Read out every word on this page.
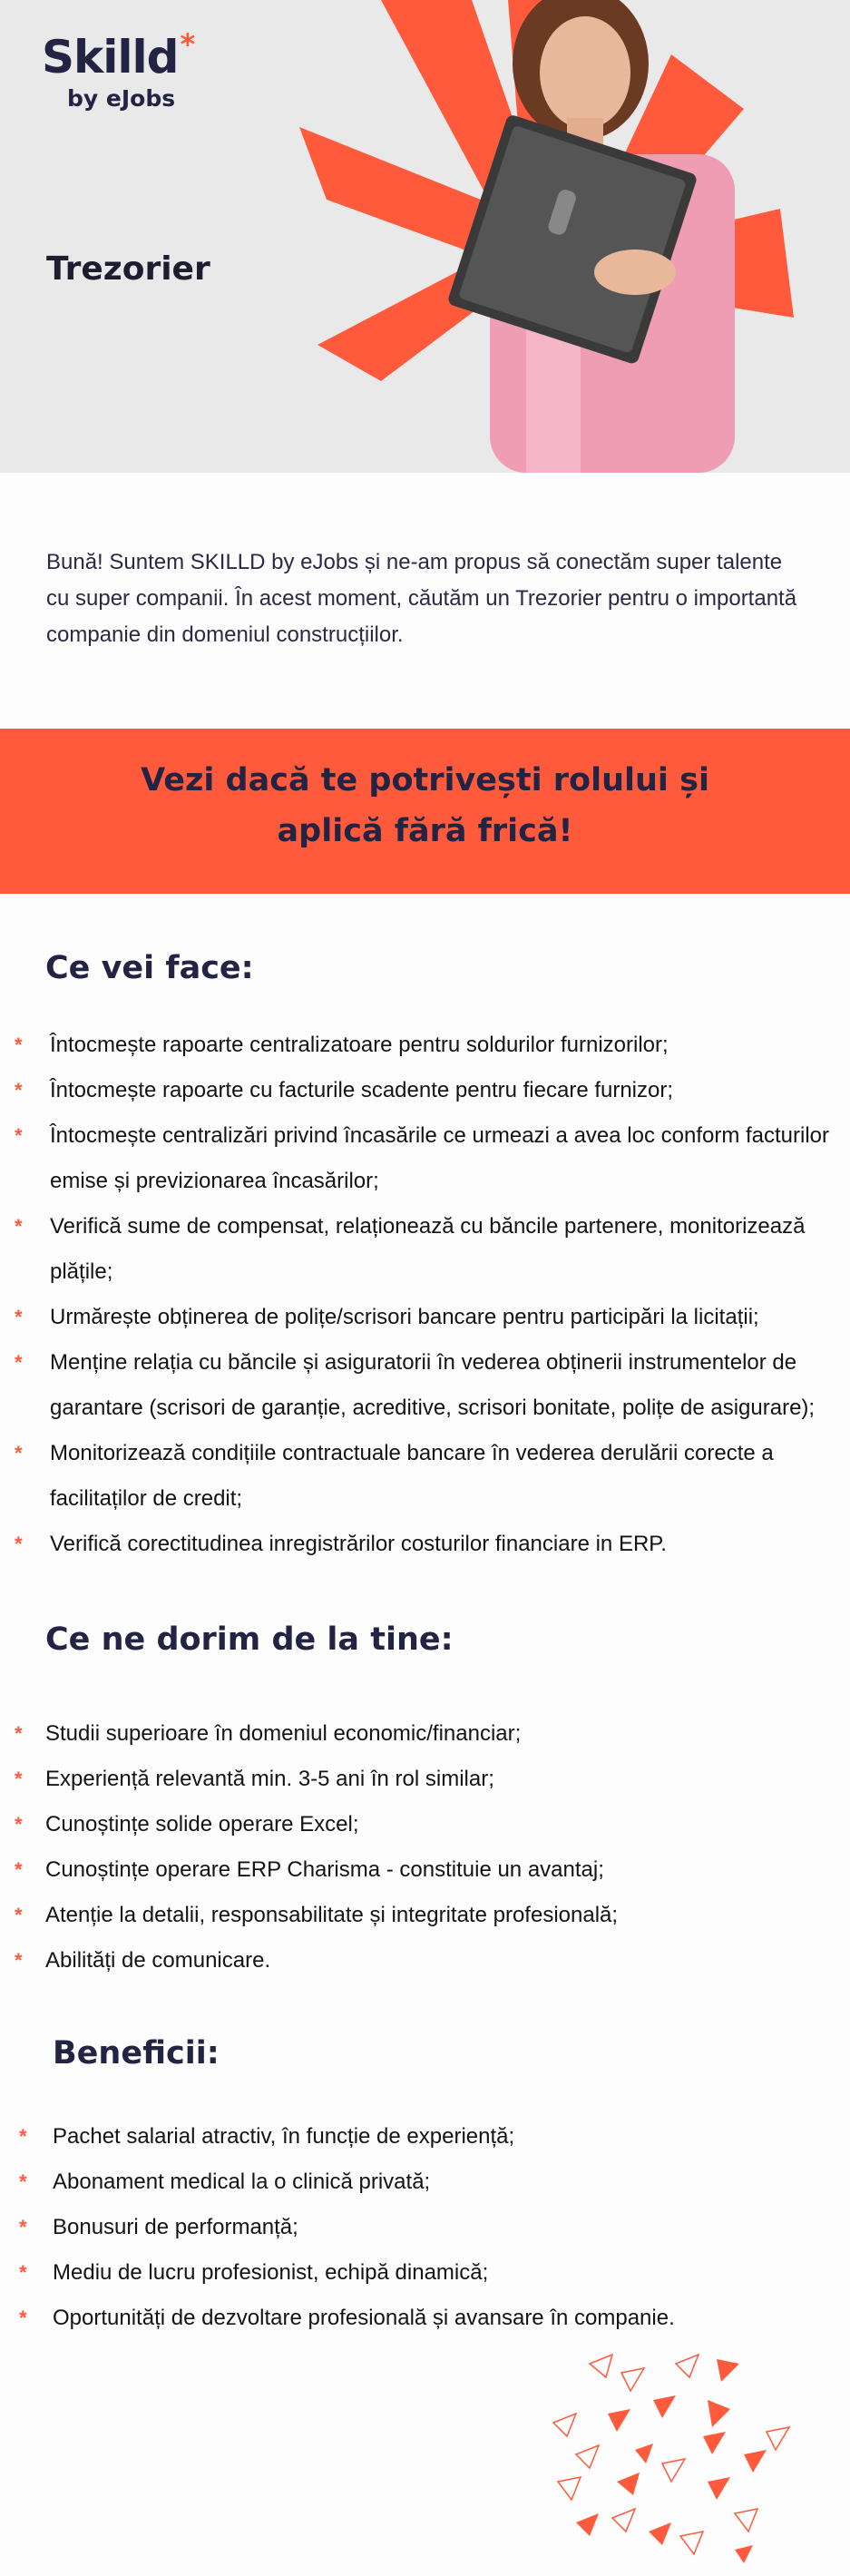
Skilld*
by eJobs
Trezorier
Bună! Suntem SKILLD by eJobs și ne-am propus să conectăm super talente cu super companii. În acest moment, căutăm un Trezorier pentru o importantă companie din domeniul construcțiilor.
Vezi dacă te potrivești rolului și
aplică fără frică!
Ce vei face:
* Întocmește rapoarte centralizatoare pentru soldurilor furnizorilor;
* Întocmește rapoarte cu facturile scadente pentru fiecare furnizor;
* Întocmește centralizări privind încasările ce urmeazi a avea loc conform facturilor emise și previzionarea încasărilor;
* Verifică sume de compensat, relaționează cu băncile partenere, monitorizează plățile;
* Urmărește obținerea de polițe/scrisori bancare pentru participări la licitații;
* Menține relația cu băncile și asiguratorii în vederea obținerii instrumentelor de garantare (scrisori de garanție, acreditive, scrisori bonitate, polițe de asigurare);
* Monitorizează condițiile contractuale bancare în vederea derulării corecte a facilitaților de credit;
* Verifică corectitudinea inregistrărilor costurilor financiare in ERP.
Ce ne dorim de la tine:
* Studii superioare în domeniul economic/financiar;
* Experiență relevantă min. 3-5 ani în rol similar;
* Cunoștințe solide operare Excel;
* Cunoștințe operare ERP Charisma - constituie un avantaj;
* Atenție la detalii, responsabilitate și integritate profesională;
* Abilități de comunicare.
Beneficii:
* Pachet salarial atractiv, în funcție de experiență;
* Abonament medical la o clinică privată;
* Bonusuri de performanță;
* Mediu de lucru profesionist, echipă dinamică;
* Oportunități de dezvoltare profesională și avansare în companie.
